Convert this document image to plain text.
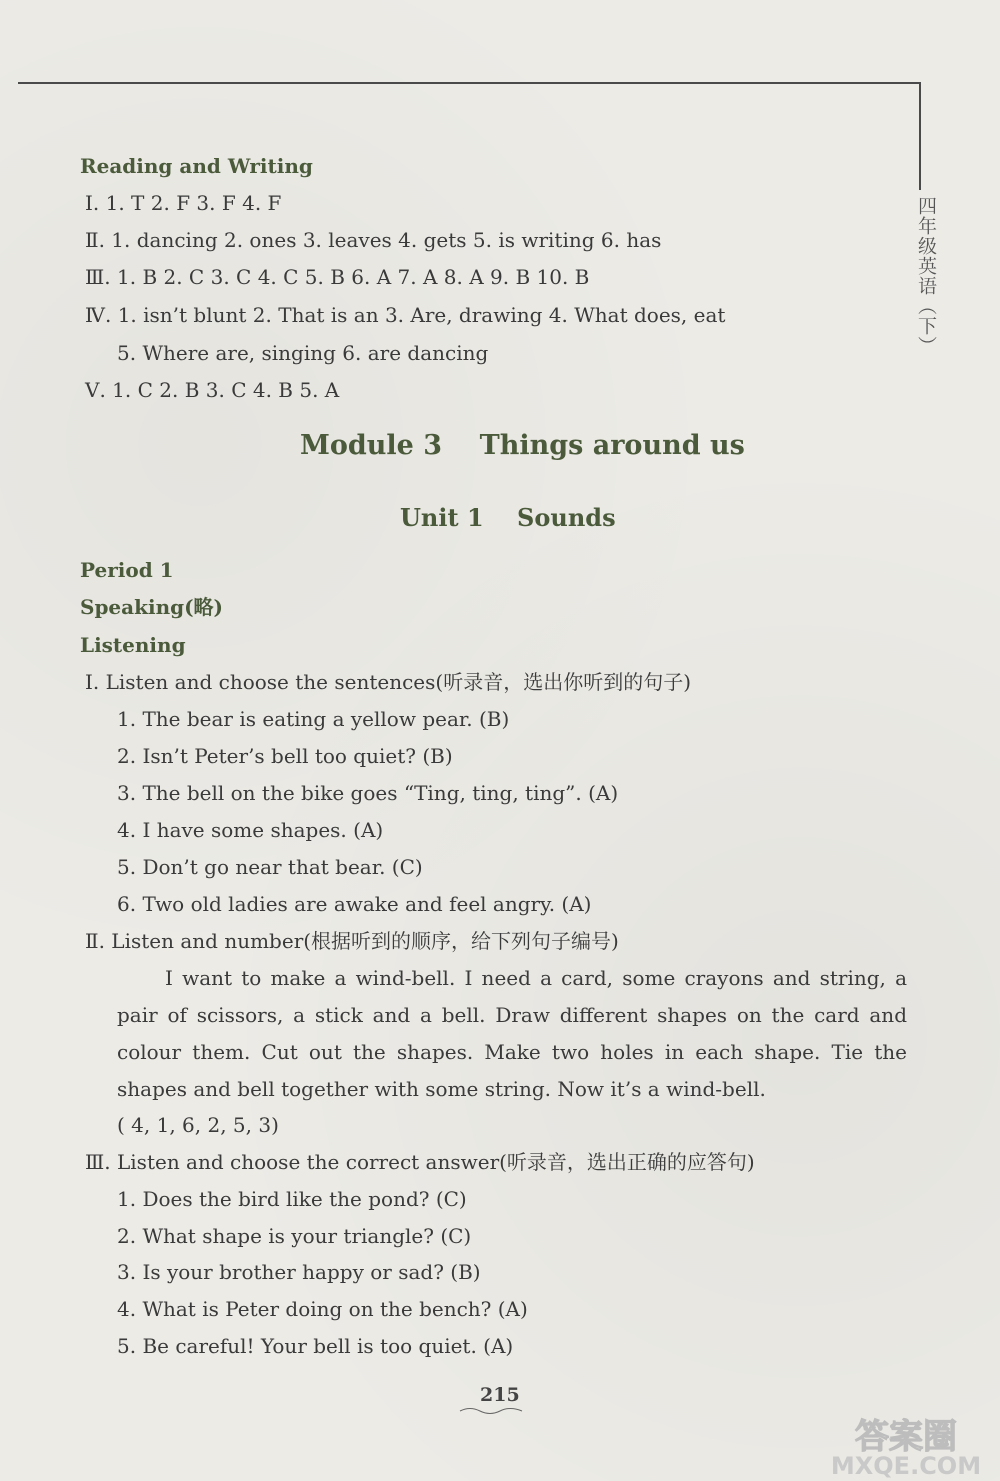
四年级英语（下）
Reading and Writing
Ⅰ. 1. T 2. F 3. F 4. F
Ⅱ. 1. dancing 2. ones 3. leaves 4. gets 5. is writing 6. has
Ⅲ. 1. B 2. C 3. C 4. C 5. B 6. A 7. A 8. A 9. B 10. B
Ⅳ. 1. isn’t blunt 2. That is an 3. Are, drawing 4. What does, eat
5. Where are, singing 6. are dancing
Ⅴ. 1. C 2. B 3. C 4. B 5. A
Module 3    Things around us
Unit 1    Sounds
Period 1
Speaking(略)
Listening
Ⅰ. Listen and choose the sentences(听录音，选出你听到的句子)
1. The bear is eating a yellow pear. (B)
2. Isn’t Peter’s bell too quiet? (B)
3. The bell on the bike goes “Ting, ting, ting”. (A)
4. I have some shapes. (A)
5. Don’t go near that bear. (C)
6. Two old ladies are awake and feel angry. (A)
Ⅱ. Listen and number(根据听到的顺序，给下列句子编号)
I want to make a wind-bell. I need a card, some crayons and string, a pair of scissors, a stick and a bell. Draw different shapes on the card and colour them. Cut out the shapes. Make two holes in each shape. Tie the shapes and bell together with some string. Now it’s a wind-bell.
( 4, 1, 6, 2, 5, 3)
Ⅲ. Listen and choose the correct answer(听录音，选出正确的应答句)
1. Does the bird like the pond? (C)
2. What shape is your triangle? (C)
3. Is your brother happy or sad? (B)
4. What is Peter doing on the bench? (A)
5. Be careful! Your bell is too quiet. (A)
215
答案圈
MXQE.COM
